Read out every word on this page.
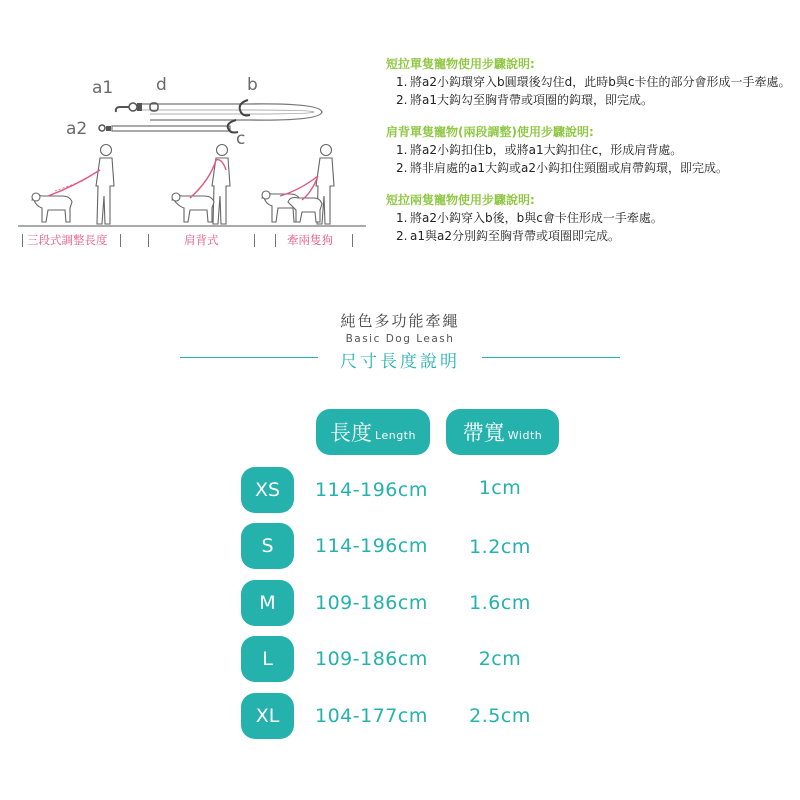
a1	d	b
a2	c
三段式調整長度	肩背式	牽兩隻狗
短拉單隻寵物使用步驟說明:
1. 將a2小鈎環穿入b圓環後勾住d，此時b與c卡住的部分會形成一手牽處。
2. 將a1大鈎勾至胸背帶或項圈的鈎環，即完成。
肩背單隻寵物(兩段調整)使用步驟說明:
1. 將a2小鈎扣住b，或將a1大鈎扣住c，形成肩背處。
2. 將非肩處的a1大鈎或a2小鈎扣住頸圈或肩帶鈎環，即完成。
短拉兩隻寵物使用步驟說明:
1. 將a2小鈎穿入b後，b與c會卡住形成一手牽處。
2. a1與a2分別鈎至胸背帶或項圈即完成。
純色多功能牽繩
Basic Dog Leash
尺寸長度說明
長度 Length 帶寬 Width
XS	114-196cm	1cm
S	114-196cm	1.2cm
M	109-186cm	1.6cm
L	109-186cm	2cm
XL	104-177cm	2.5cm
